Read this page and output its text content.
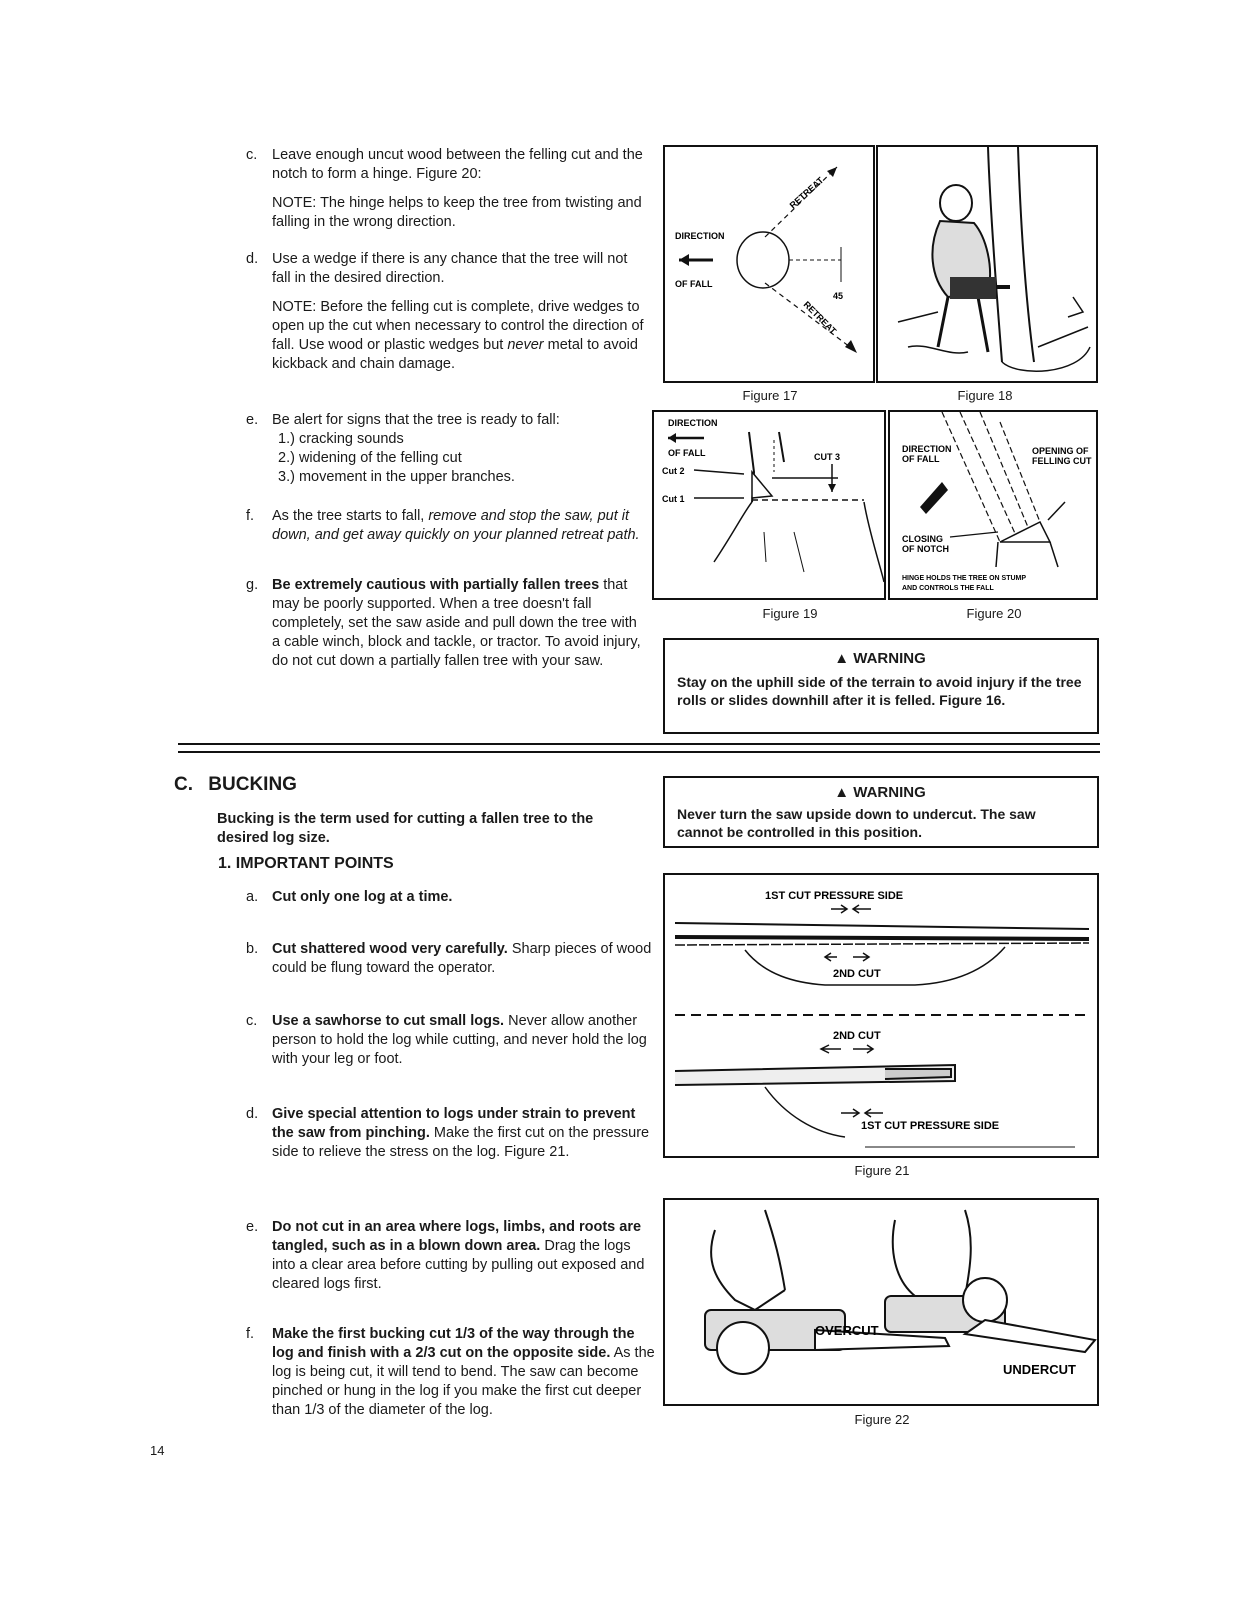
c. Leave enough uncut wood between the felling cut and the notch to form a hinge. Figure 20:
NOTE: The hinge helps to keep the tree from twisting and falling in the wrong direction.
d. Use a wedge if there is any chance that the tree will not fall in the desired direction.
NOTE: Before the felling cut is complete, drive wedges to open up the cut when necessary to control the direction of fall. Use wood or plastic wedges but never metal to avoid kickback and chain damage.
e. Be alert for signs that the tree is ready to fall:
1.) cracking sounds
2.) widening of the felling cut
3.) movement in the upper branches.
f. As the tree starts to fall, remove and stop the saw, put it down, and get away quickly on your planned retreat path.
g. Be extremely cautious with partially fallen trees that may be poorly supported. When a tree doesn't fall completely, set the saw aside and pull down the tree with a cable winch, block and tackle, or tractor. To avoid injury, do not cut down a partially fallen tree with your saw.
DIRECTION
OF FALL
RETREAT
RETREAT
45
Figure 17	Figure 18
DIRECTION
OF FALL
Cut 2
Cut 1
CUT 3
Figure 19
DIRECTION
OF FALL
OPENING OF
FELLING CUT
CLOSING
OF NOTCH
HINGE HOLDS THE TREE ON STUMP
AND CONTROLS THE FALL
Figure 20
▲ WARNING
Stay on the uphill side of the terrain to avoid injury if the tree rolls or slides downhill after it is felled. Figure 16.
C. BUCKING
Bucking is the term used for cutting a fallen tree to the desired log size.
1. IMPORTANT POINTS
a. Cut only one log at a time.
b. Cut shattered wood very carefully. Sharp pieces of wood could be flung toward the operator.
c. Use a sawhorse to cut small logs. Never allow another person to hold the log while cutting, and never hold the log with your leg or foot.
d. Give special attention to logs under strain to prevent the saw from pinching. Make the first cut on the pressure side to relieve the stress on the log. Figure 21.
e. Do not cut in an area where logs, limbs, and roots are tangled, such as in a blown down area. Drag the logs into a clear area before cutting by pulling out exposed and cleared logs first.
f. Make the first bucking cut 1/3 of the way through the log and finish with a 2/3 cut on the opposite side. As the log is being cut, it will tend to bend. The saw can become pinched or hung in the log if you make the first cut deeper than 1/3 of the diameter of the log.
▲ WARNING
Never turn the saw upside down to undercut. The saw cannot be controlled in this position.
1ST CUT PRESSURE SIDE
2ND CUT
2ND CUT
1ST CUT PRESSURE SIDE
Figure 21
OVERCUT
UNDERCUT
Figure 22
14
